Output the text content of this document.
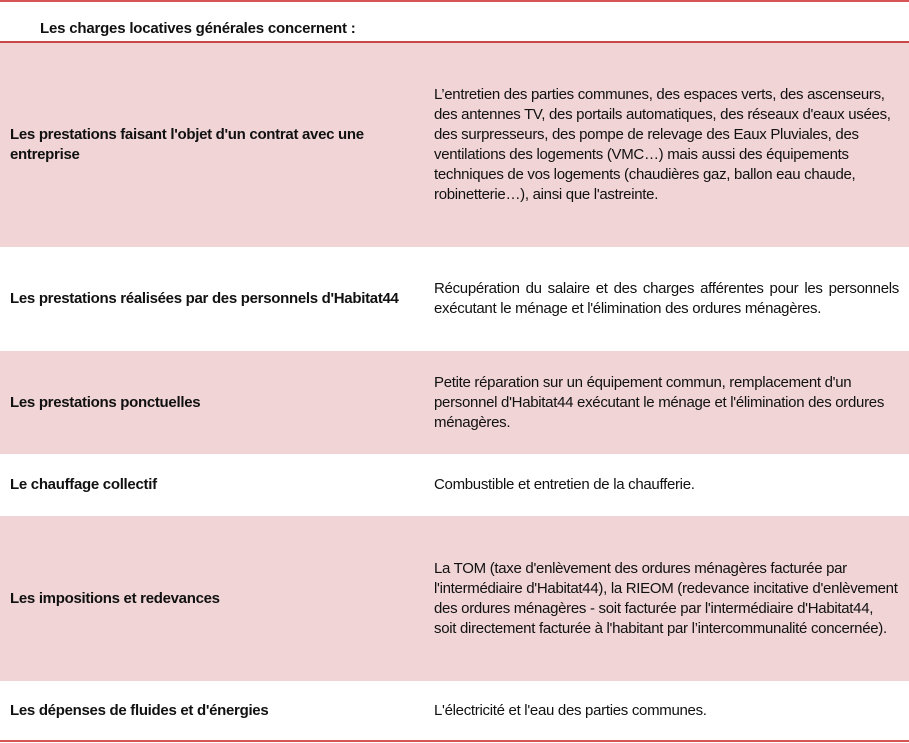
Les charges locatives générales concernent :
Les prestations faisant l'objet d'un contrat avec une entreprise
L’entretien des parties communes, des espaces verts, des ascenseurs, des antennes TV, des portails automatiques, des réseaux d'eaux usées, des surpresseurs, des pompe de relevage des Eaux Pluviales, des ventilations des logements (VMC…) mais aussi des équipements techniques de vos logements (chaudières gaz, ballon eau chaude, robinetterie…), ainsi que l'astreinte.
Les prestations réalisées par des personnels d'Habitat44
Récupération du salaire et des charges afférentes pour les personnels exécutant le ménage et l'élimination des ordures ménagères.
Les prestations ponctuelles
Petite réparation sur un équipement commun, remplacement d'un personnel d'Habitat44 exécutant le ménage et l'élimination des ordures ménagères.
Le chauffage collectif	Combustible et entretien de la chaufferie.
Les impositions et redevances
La TOM (taxe d'enlèvement des ordures ménagères facturée par l'intermédiaire d'Habitat44), la RIEOM (redevance incitative d'enlèvement des ordures ménagères - soit facturée par l'intermédiaire d'Habitat44, soit directement facturée à l'habitant par l’intercommunalité concernée).
Les dépenses de fluides et d'énergies	L'électricité et l'eau des parties communes.
